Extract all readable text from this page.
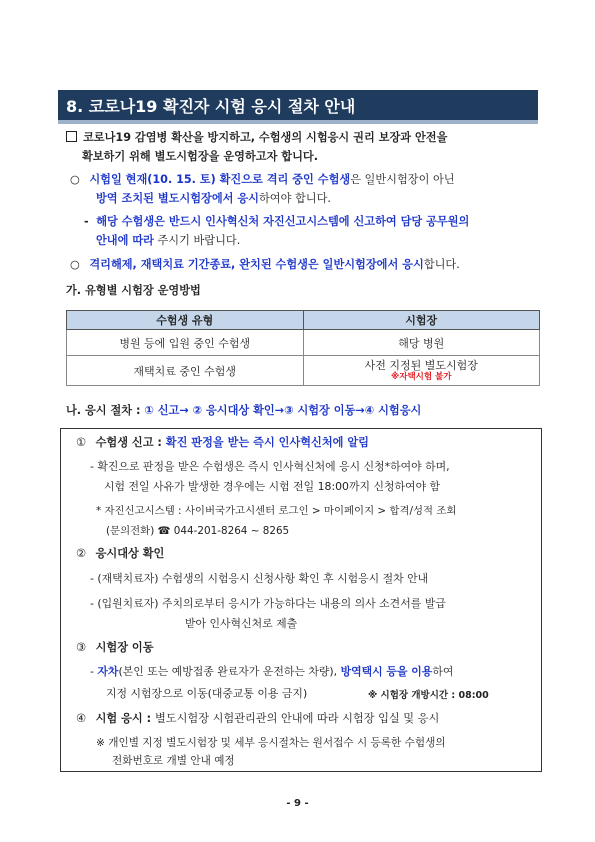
8. 코로나19 확진자 시험 응시 절차 안내
코로나19 감염병 확산을 방지하고, 수험생의 시험응시 권리 보장과 안전을
확보하기 위해 별도시험장을 운영하고자 합니다.
○ 시험일 현재(10. 15. 토) 확진으로 격리 중인 수험생은 일반시험장이 아닌
방역 조치된 별도시험장에서 응시하여야 합니다.
- 해당 수험생은 반드시 인사혁신처 자진신고시스템에 신고하여 담당 공무원의
안내에 따라 주시기 바랍니다.
○ 격리해제, 재택치료 기간종료, 완치된 수험생은 일반시험장에서 응시합니다.
가. 유형별 시험장 운영방법
수험생 유형	시험장
병원 등에 입원 중인 수험생	해당 병원
재택치료 중인 수험생	사전 지정된 별도시험장
※자택시험 불가
나. 응시 절차 : ① 신고→ ② 응시대상 확인→③ 시험장 이동→④ 시험응시
① 수험생 신고 : 확진 판정을 받는 즉시 인사혁신처에 알림
- 확진으로 판정을 받은 수험생은 즉시 인사혁신처에 응시 신청*하여야 하며,
시험 전일 사유가 발생한 경우에는 시험 전일 18:00까지 신청하여야 함
* 자진신고시스템 : 사이버국가고시센터 로그인 > 마이페이지 > 합격/성적 조회
(문의전화) ☎ 044-201-8264 ~ 8265
② 응시대상 확인
- (재택치료자) 수험생의 시험응시 신청사항 확인 후 시험응시 절차 안내
- (입원치료자) 주치의로부터 응시가 가능하다는 내용의 의사 소견서를 발급
받아 인사혁신처로 제출
③ 시험장 이동
- 자차(본인 또는 예방접종 완료자가 운전하는 차량), 방역택시 등을 이용하여
지정 시험장으로 이동(대중교통 이용 금지)	※ 시험장 개방시간 : 08:00
④ 시험 응시 : 별도시험장 시험관리관의 안내에 따라 시험장 입실 및 응시
※ 개인별 지정 별도시험장 및 세부 응시절차는 원서접수 시 등록한 수험생의
전화번호로 개별 안내 예정
- 9 -
